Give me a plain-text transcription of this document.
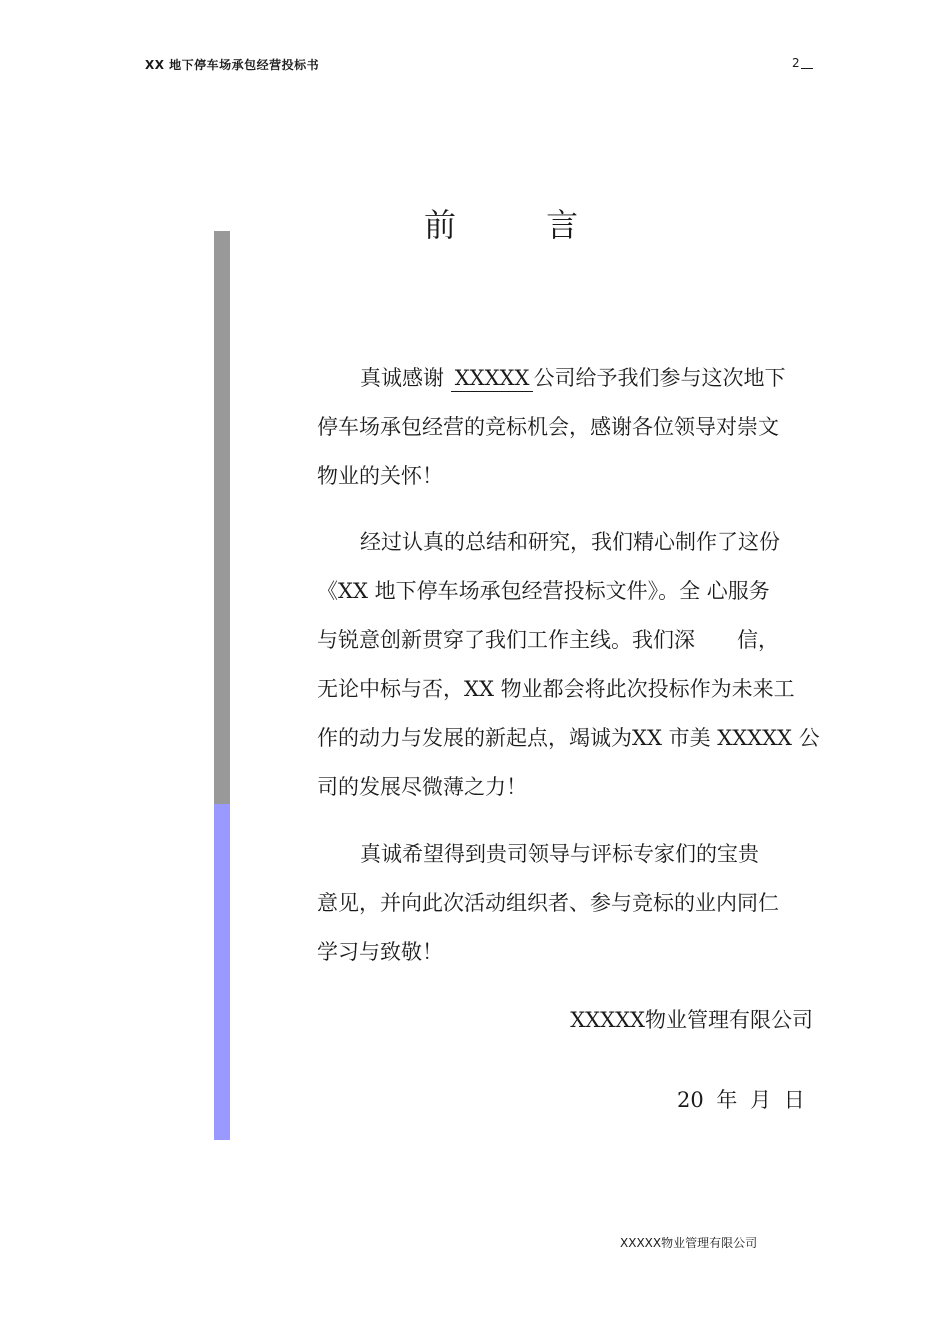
XX 地下停车场承包经营投标书	2
前 言
真诚感谢 XXXXX公司给予我们参与这次地下
停车场承包经营的竞标机会，感谢各位领导对崇文
物业的关怀！
经过认真的总结和研究，我们精心制作了这份
《XX 地下停车场承包经营投标文件》。全 心服务
与锐意创新贯穿了我们工作主线。我们深　　信，
无论中标与否，XX 物业都会将此次投标作为未来工
作的动力与发展的新起点，竭诚为XX 市美 XXXXX 公
司的发展尽微薄之力！
真诚希望得到贵司领导与评标专家们的宝贵
意见，并向此次活动组织者、参与竞标的业内同仁
学习与致敬！
XXXXX物业管理有限公司
20 年 月 日
XXXXX物业管理有限公司
